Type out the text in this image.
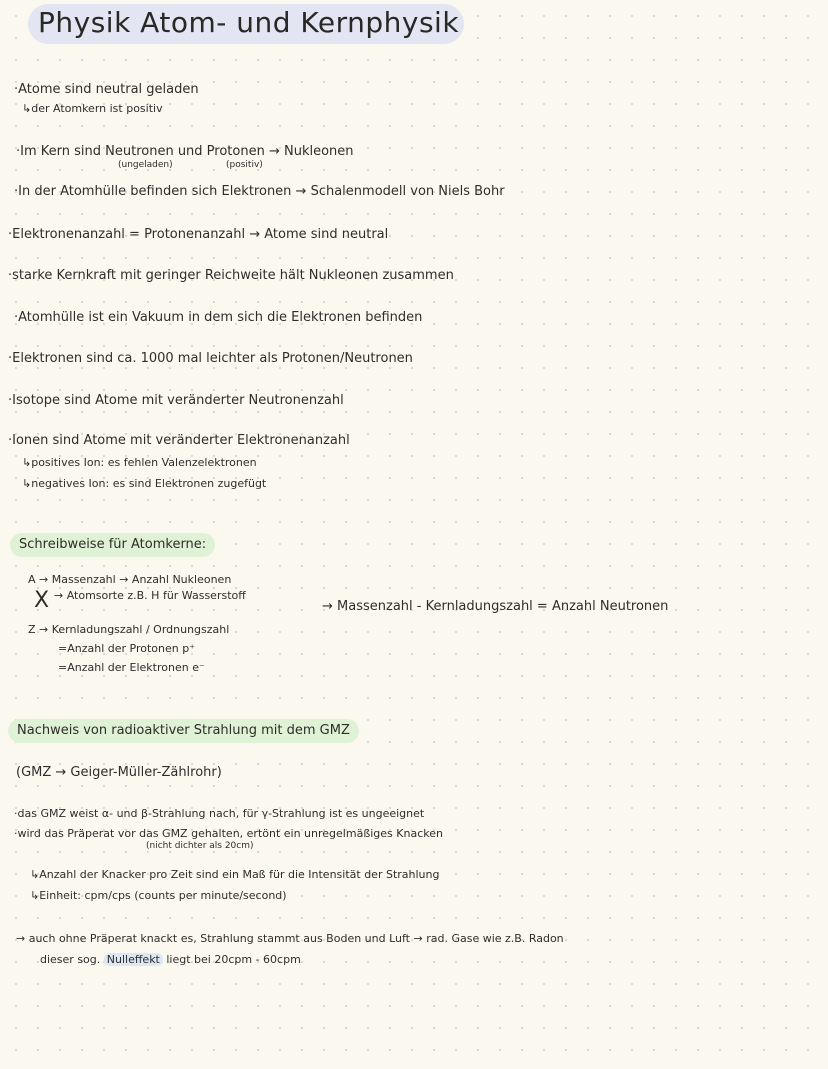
Physik Atom- und Kernphysik
·Atome sind neutral geladen
↳der Atomkern ist positiv
·Im Kern sind Neutronen und Protonen → Nukleonen
(ungeladen)	(positiv)
·In der Atomhülle befinden sich Elektronen → Schalenmodell von Niels Bohr
·Elektronenanzahl = Protonenanzahl → Atome sind neutral
·starke Kernkraft mit geringer Reichweite hält Nukleonen zusammen
·Atomhülle ist ein Vakuum in dem sich die Elektronen befinden
·Elektronen sind ca. 1000 mal leichter als Protonen/Neutronen
·Isotope sind Atome mit veränderter Neutronenzahl
·Ionen sind Atome mit veränderter Elektronenanzahl
↳positives Ion: es fehlen Valenzelektronen
↳negatives Ion: es sind Elektronen zugefügt
Schreibweise für Atomkerne:
A → Massenzahl → Anzahl Nukleonen
X → Atomsorte z.B. H für Wasserstoff
Z → Kernladungszahl / Ordnungszahl
=Anzahl der Protonen p⁺
=Anzahl der Elektronen e⁻
→ Massenzahl - Kernladungszahl = Anzahl Neutronen
Nachweis von radioaktiver Strahlung mit dem GMZ
(GMZ → Geiger-Müller-Zählrohr)
·das GMZ weist α- und β-Strahlung nach, für γ-Strahlung ist es ungeeignet
·wird das Präperat vor das GMZ gehalten, ertönt ein unregelmäßiges Knacken
(nicht dichter als 20cm)
↳Anzahl der Knacker pro Zeit sind ein Maß für die Intensität der Strahlung
↳Einheit: cpm/cps (counts per minute/second)
→ auch ohne Präperat knackt es, Strahlung stammt aus Boden und Luft → rad. Gase wie z.B. Radon
dieser sog. Nulleffekt liegt bei 20cpm - 60cpm
